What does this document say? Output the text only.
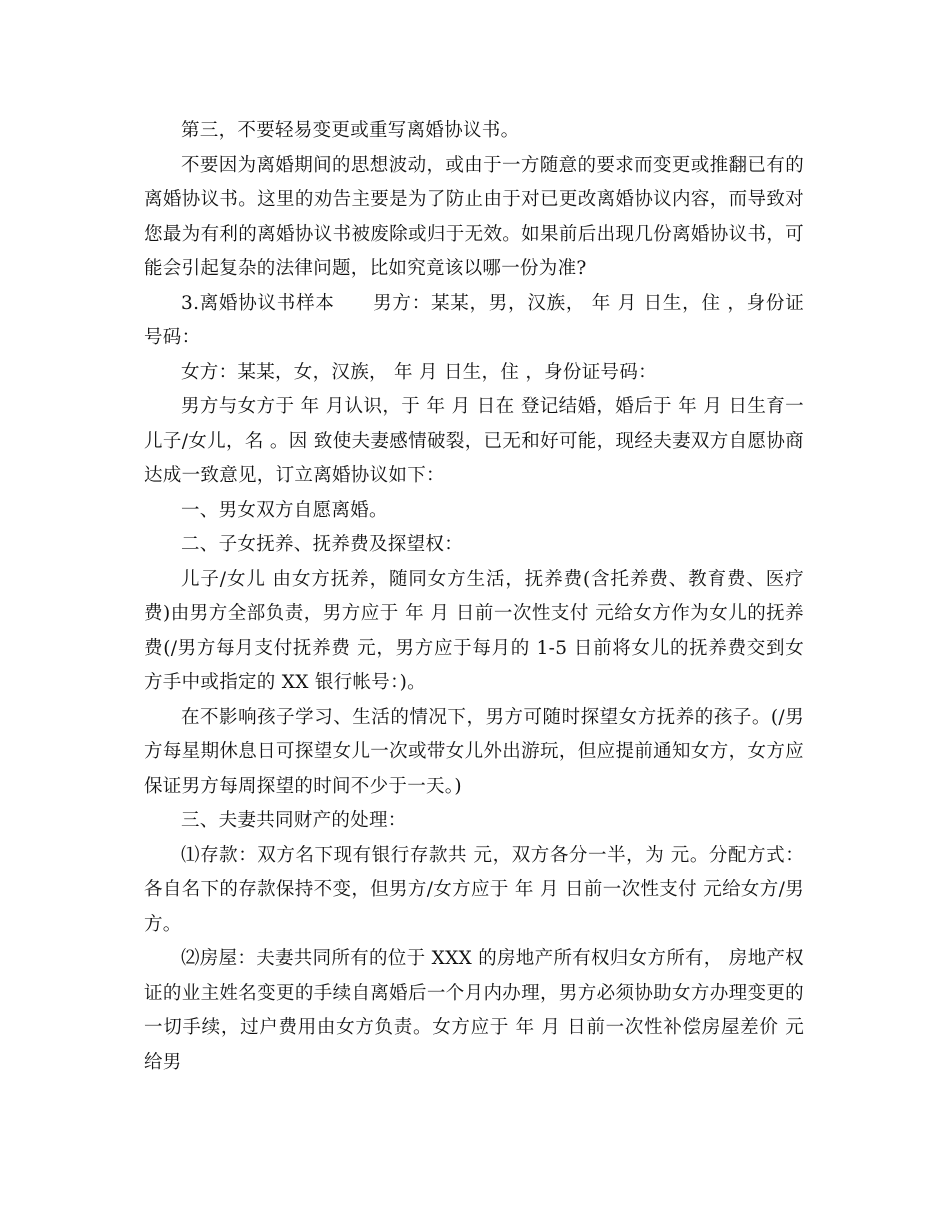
第三，不要轻易变更或重写离婚协议书。

不要因为离婚期间的思想波动，或由于一方随意的要求而变更或推翻已有的离婚协议书。这里的劝告主要是为了防止由于对已更改离婚协议内容，而导致对您最为有利的离婚协议书被废除或归于无效。如果前后出现几份离婚协议书，可能会引起复杂的法律问题，比如究竟该以哪一份为准?

3.离婚协议书样本　　男方：某某，男，汉族， 年 月 日生，住 ，身份证号码：

女方：某某，女，汉族， 年 月 日生，住 ，身份证号码：

男方与女方于 年 月认识，于 年 月 日在 登记结婚，婚后于 年 月 日生育一儿子/女儿，名 。因 致使夫妻感情破裂，已无和好可能，现经夫妻双方自愿协商达成一致意见，订立离婚协议如下：

一、男女双方自愿离婚。

二、子女抚养、抚养费及探望权：

儿子/女儿 由女方抚养，随同女方生活，抚养费(含托养费、教育费、医疗费)由男方全部负责，男方应于 年 月 日前一次性支付 元给女方作为女儿的抚养费(/男方每月支付抚养费 元，男方应于每月的 1-5 日前将女儿的抚养费交到女方手中或指定的 XX 银行帐号：)。

在不影响孩子学习、生活的情况下，男方可随时探望女方抚养的孩子。(/男方每星期休息日可探望女儿一次或带女儿外出游玩，但应提前通知女方，女方应保证男方每周探望的时间不少于一天。)

三、夫妻共同财产的处理：

⑴存款：双方名下现有银行存款共 元，双方各分一半，为 元。分配方式：各自名下的存款保持不变，但男方/女方应于 年 月 日前一次性支付 元给女方/男方。

⑵房屋：夫妻共同所有的位于 XXX 的房地产所有权归女方所有， 房地产权证的业主姓名变更的手续自离婚后一个月内办理，男方必须协助女方办理变更的一切手续，过户费用由女方负责。女方应于 年 月 日前一次性补偿房屋差价 元给男
